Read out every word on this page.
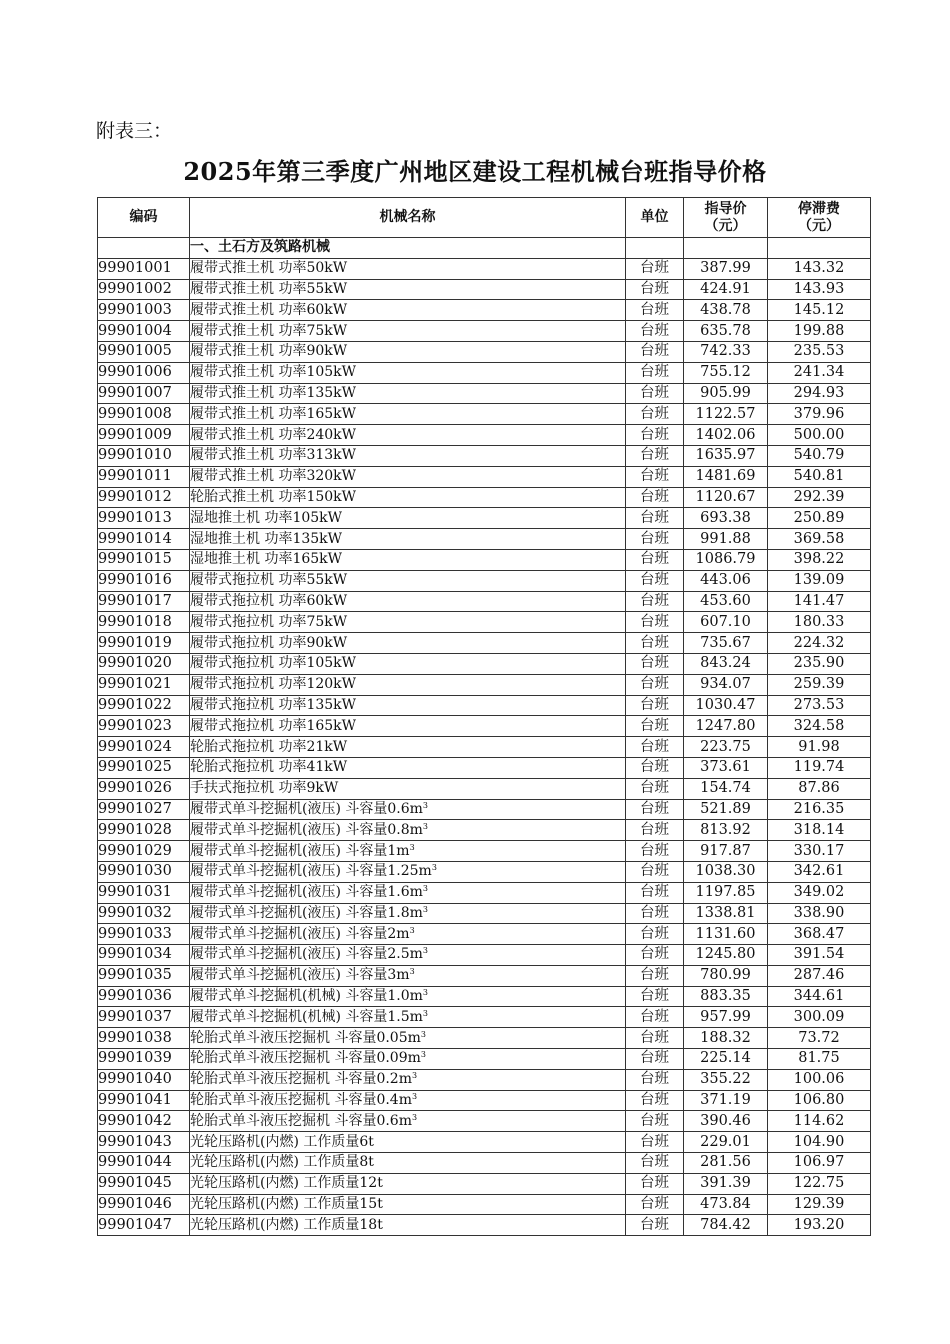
附表三：
2025年第三季度广州地区建设工程机械台班指导价格
编码	机械名称	单位	指导价（元）	停滞费（元）
	一、土石方及筑路机械			
99901001	履带式推土机 功率50kW	台班	387.99	143.32
99901002	履带式推土机 功率55kW	台班	424.91	143.93
99901003	履带式推土机 功率60kW	台班	438.78	145.12
99901004	履带式推土机 功率75kW	台班	635.78	199.88
99901005	履带式推土机 功率90kW	台班	742.33	235.53
99901006	履带式推土机 功率105kW	台班	755.12	241.34
99901007	履带式推土机 功率135kW	台班	905.99	294.93
99901008	履带式推土机 功率165kW	台班	1122.57	379.96
99901009	履带式推土机 功率240kW	台班	1402.06	500.00
99901010	履带式推土机 功率313kW	台班	1635.97	540.79
99901011	履带式推土机 功率320kW	台班	1481.69	540.81
99901012	轮胎式推土机 功率150kW	台班	1120.67	292.39
99901013	湿地推土机 功率105kW	台班	693.38	250.89
99901014	湿地推土机 功率135kW	台班	991.88	369.58
99901015	湿地推土机 功率165kW	台班	1086.79	398.22
99901016	履带式拖拉机 功率55kW	台班	443.06	139.09
99901017	履带式拖拉机 功率60kW	台班	453.60	141.47
99901018	履带式拖拉机 功率75kW	台班	607.10	180.33
99901019	履带式拖拉机 功率90kW	台班	735.67	224.32
99901020	履带式拖拉机 功率105kW	台班	843.24	235.90
99901021	履带式拖拉机 功率120kW	台班	934.07	259.39
99901022	履带式拖拉机 功率135kW	台班	1030.47	273.53
99901023	履带式拖拉机 功率165kW	台班	1247.80	324.58
99901024	轮胎式拖拉机 功率21kW	台班	223.75	91.98
99901025	轮胎式拖拉机 功率41kW	台班	373.61	119.74
99901026	手扶式拖拉机 功率9kW	台班	154.74	87.86
99901027	履带式单斗挖掘机(液压) 斗容量$0.6m^3$	台班	521.89	216.35
99901028	履带式单斗挖掘机(液压) 斗容量$0.8m^3$	台班	813.92	318.14
99901029	履带式单斗挖掘机(液压) 斗容量$1m^3$	台班	917.87	330.17
99901030	履带式单斗挖掘机(液压) 斗容量$1.25m^3$	台班	1038.30	342.61
99901031	履带式单斗挖掘机(液压) 斗容量$1.6m^3$	台班	1197.85	349.02
99901032	履带式单斗挖掘机(液压) 斗容量$1.8m^3$	台班	1338.81	338.90
99901033	履带式单斗挖掘机(液压) 斗容量$2m^3$	台班	1131.60	368.47
99901034	履带式单斗挖掘机(液压) 斗容量$2.5m^3$	台班	1245.80	391.54
99901035	履带式单斗挖掘机(液压) 斗容量$3m^3$	台班	780.99	287.46
99901036	履带式单斗挖掘机(机械) 斗容量$1.0m^3$	台班	883.35	344.61
99901037	履带式单斗挖掘机(机械) 斗容量$1.5m^3$	台班	957.99	300.09
99901038	轮胎式单斗液压挖掘机 斗容量$0.05m^3$	台班	188.32	73.72
99901039	轮胎式单斗液压挖掘机 斗容量$0.09m^3$	台班	225.14	81.75
99901040	轮胎式单斗液压挖掘机 斗容量$0.2m^3$	台班	355.22	100.06
99901041	轮胎式单斗液压挖掘机 斗容量$0.4m^3$	台班	371.19	106.80
99901042	轮胎式单斗液压挖掘机 斗容量$0.6m^3$	台班	390.46	114.62
99901043	光轮压路机(内燃) 工作质量6t	台班	229.01	104.90
99901044	光轮压路机(内燃) 工作质量8t	台班	281.56	106.97
99901045	光轮压路机(内燃) 工作质量12t	台班	391.39	122.75
99901046	光轮压路机(内燃) 工作质量15t	台班	473.84	129.39
99901047	光轮压路机(内燃) 工作质量18t	台班	784.42	193.20
